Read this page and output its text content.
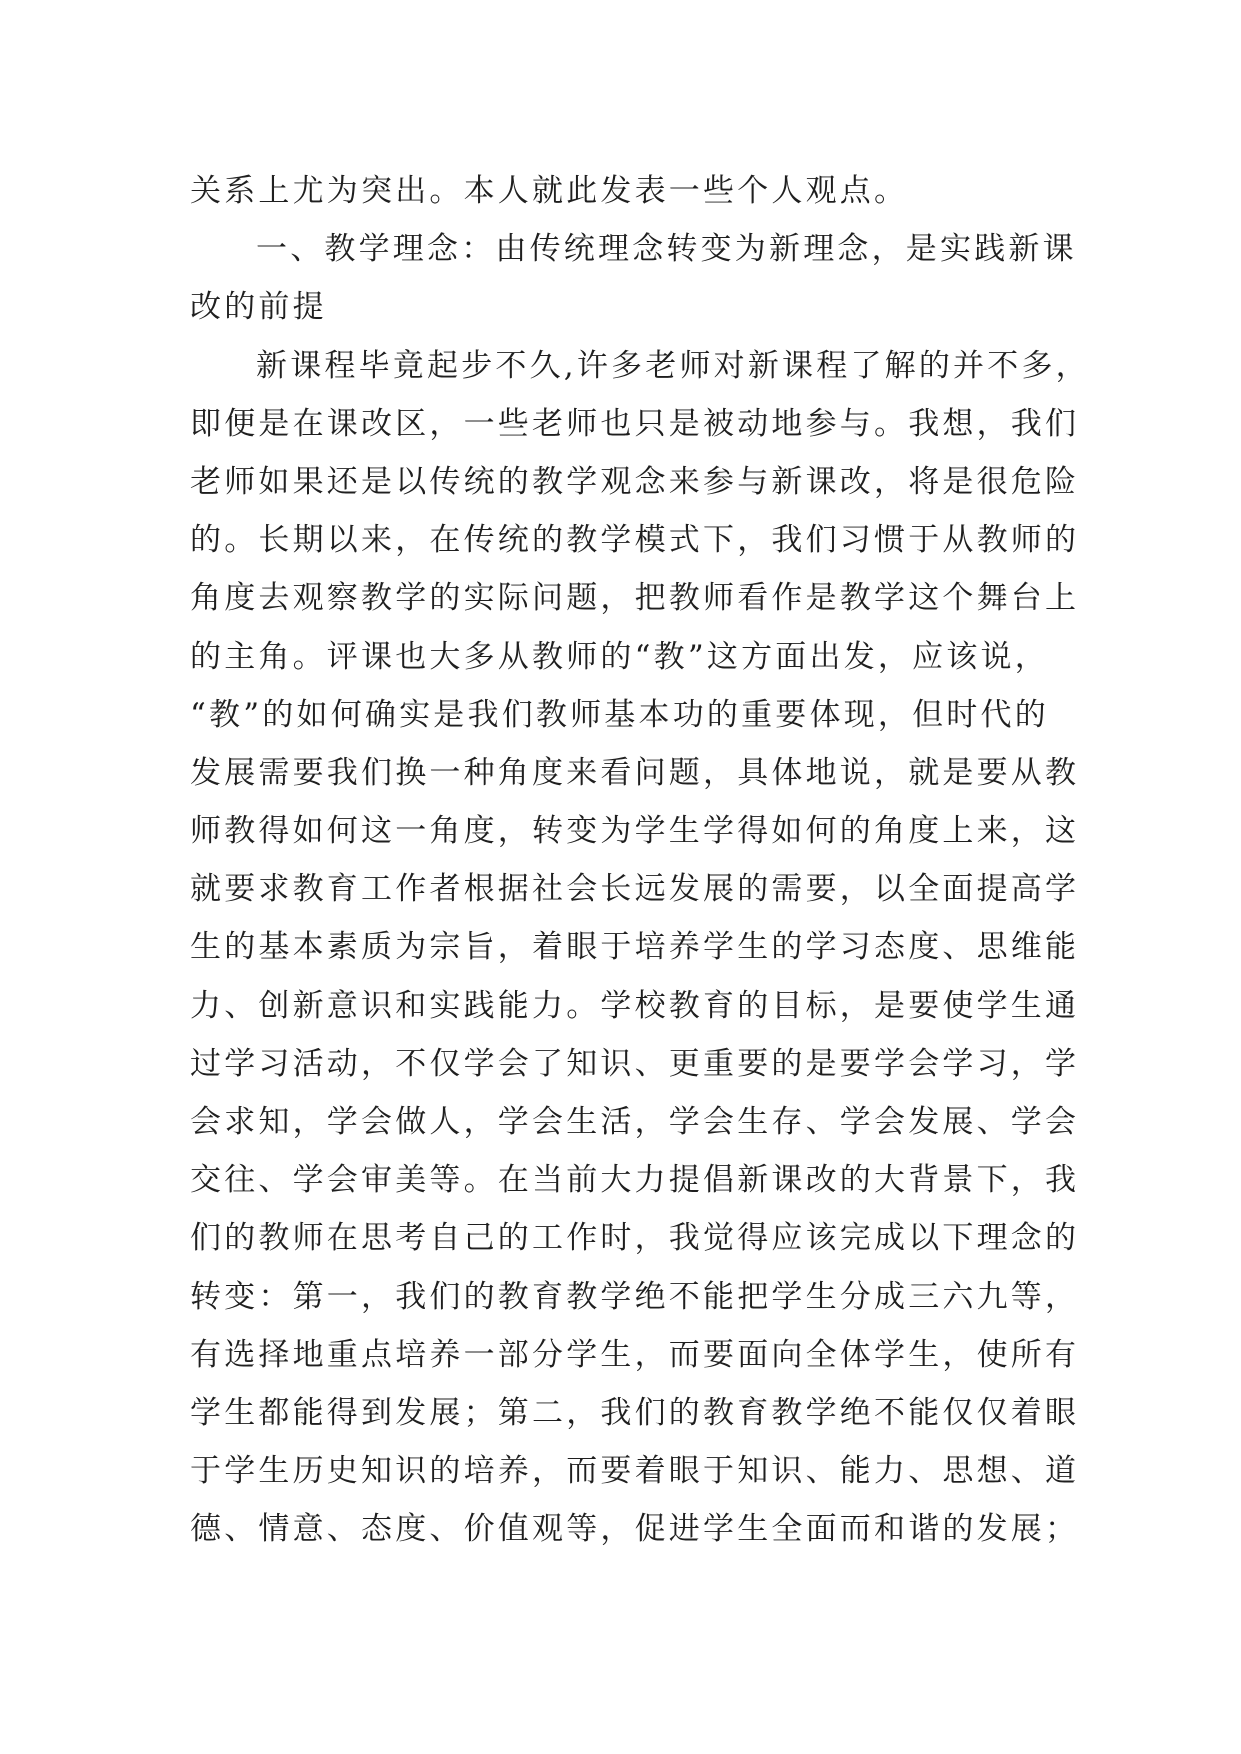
关系上尤为突出。本人就此发表一些个人观点。
一、教学理念：由传统理念转变为新理念，是实践新课
改的前提
新课程毕竟起步不久,许多老师对新课程了解的并不多，
即便是在课改区，一些老师也只是被动地参与。我想，我们
老师如果还是以传统的教学观念来参与新课改，将是很危险
的。长期以来，在传统的教学模式下，我们习惯于从教师的
角度去观察教学的实际问题，把教师看作是教学这个舞台上
的主角。评课也大多从教师的“教”这方面出发，应该说，
“教”的如何确实是我们教师基本功的重要体现，但时代的
发展需要我们换一种角度来看问题，具体地说，就是要从教
师教得如何这一角度，转变为学生学得如何的角度上来，这
就要求教育工作者根据社会长远发展的需要，以全面提高学
生的基本素质为宗旨，着眼于培养学生的学习态度、思维能
力、创新意识和实践能力。学校教育的目标，是要使学生通
过学习活动，不仅学会了知识、更重要的是要学会学习，学
会求知，学会做人，学会生活，学会生存、学会发展、学会
交往、学会审美等。在当前大力提倡新课改的大背景下，我
们的教师在思考自己的工作时，我觉得应该完成以下理念的
转变：第一，我们的教育教学绝不能把学生分成三六九等，
有选择地重点培养一部分学生，而要面向全体学生，使所有
学生都能得到发展；第二，我们的教育教学绝不能仅仅着眼
于学生历史知识的培养，而要着眼于知识、能力、思想、道
德、情意、态度、价值观等，促进学生全面而和谐的发展；
